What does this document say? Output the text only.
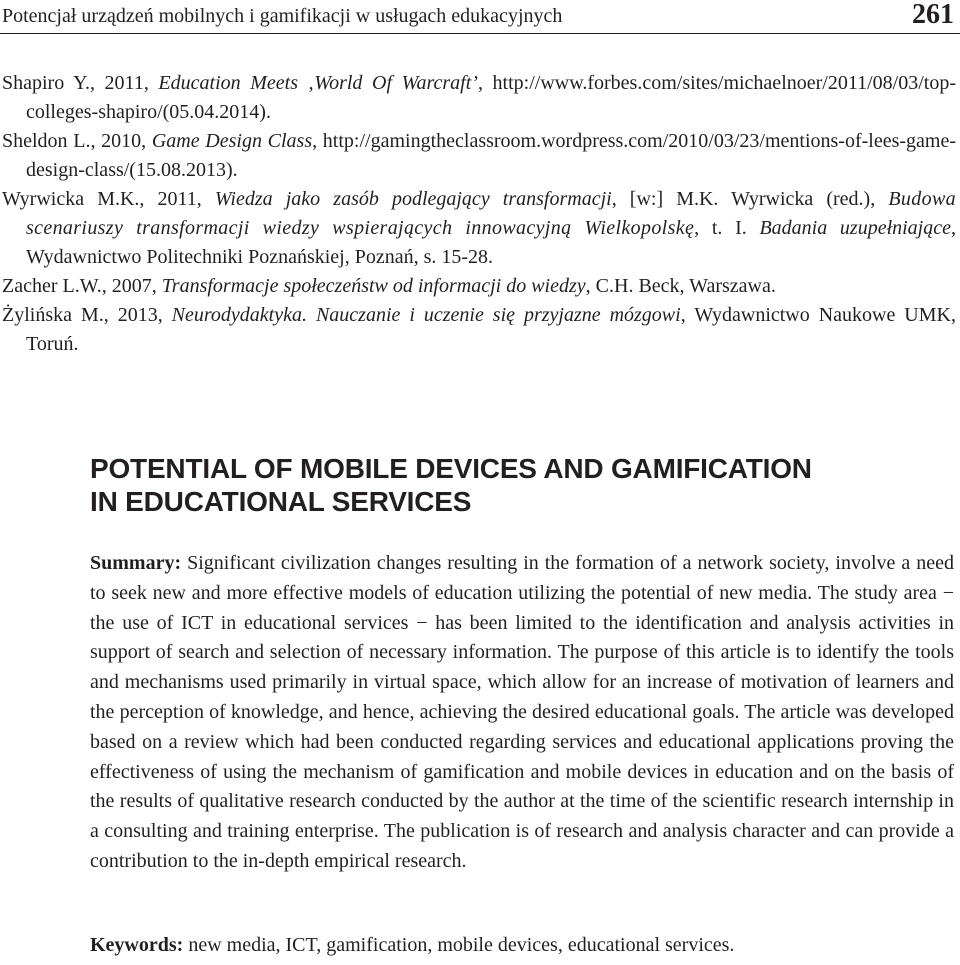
Potencjał urządzeń mobilnych i gamifikacji w usługach edukacyjnych	261

Shapiro Y., 2011, Education Meets ‚World Of Warcraft’, http://www.forbes.com/sites/michaelnoer/2011/08/03/top-colleges-shapiro/(05.04.2014).

Sheldon L., 2010, Game Design Class, http://gamingtheclassroom.wordpress.com/2010/03/23/mentions-of-lees-game-design-class/(15.08.2013).

Wyrwicka M.K., 2011, Wiedza jako zasób podlegający transformacji, [w:] M.K. Wyrwicka (red.), Budowa scenariuszy transformacji wiedzy wspierających innowacyjną Wielkopolskę, t. I. Badania uzupełniające, Wydawnictwo Politechniki Poznańskiej, Poznań, s. 15-28.

Zacher L.W., 2007, Transformacje społeczeństw od informacji do wiedzy, C.H. Beck, Warszawa.

Żylińska M., 2013, Neurodydaktyka. Nauczanie i uczenie się przyjazne mózgowi, Wydawnictwo Naukowe UMK, Toruń.

POTENTIAL OF MOBILE DEVICES AND GAMIFICATION
IN EDUCATIONAL SERVICES

Summary: Significant civilization changes resulting in the formation of a network society, involve a need to seek new and more effective models of education utilizing the potential of new media. The study area − the use of ICT in educational services − has been limited to the identification and analysis activities in support of search and selection of necessary information. The purpose of this article is to identify the tools and mechanisms used primarily in virtual space, which allow for an increase of motivation of learners and the perception of knowledge, and hence, achieving the desired educational goals. The article was developed based on a review which had been conducted regarding services and educational applications proving the effectiveness of using the mechanism of gamification and mobile devices in education and on the basis of the results of qualitative research conducted by the author at the time of the scientific research internship in a consulting and training enterprise. The publication is of research and analysis character and can provide a contribution to the in-depth empirical research.

Keywords: new media, ICT, gamification, mobile devices, educational services.
